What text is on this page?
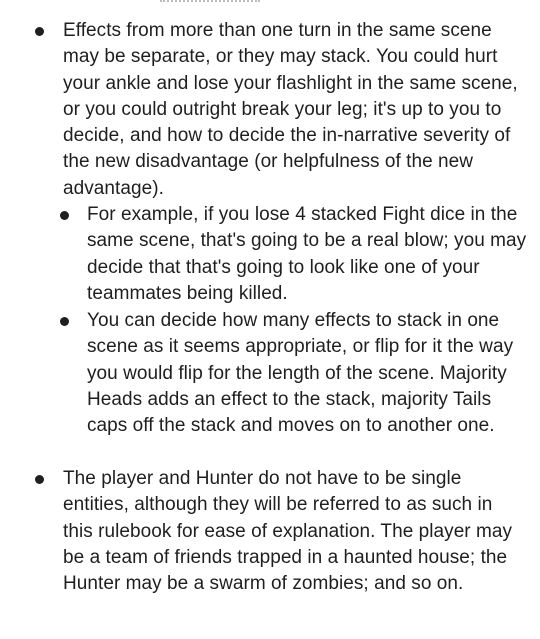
Effects from more than one turn in the same scene may be separate, or they may stack. You could hurt your ankle and lose your flashlight in the same scene, or you could outright break your leg; it's up to you to decide, and how to decide the in-narrative severity of the new disadvantage (or helpfulness of the new advantage).

For example, if you lose 4 stacked Fight dice in the same scene, that's going to be a real blow; you may decide that that's going to look like one of your teammates being killed.

You can decide how many effects to stack in one scene as it seems appropriate, or flip for it the way you would flip for the length of the scene. Majority Heads adds an effect to the stack, majority Tails caps off the stack and moves on to another one.

The player and Hunter do not have to be single entities, although they will be referred to as such in this rulebook for ease of explanation. The player may be a team of friends trapped in a haunted house; the Hunter may be a swarm of zombies; and so on.
